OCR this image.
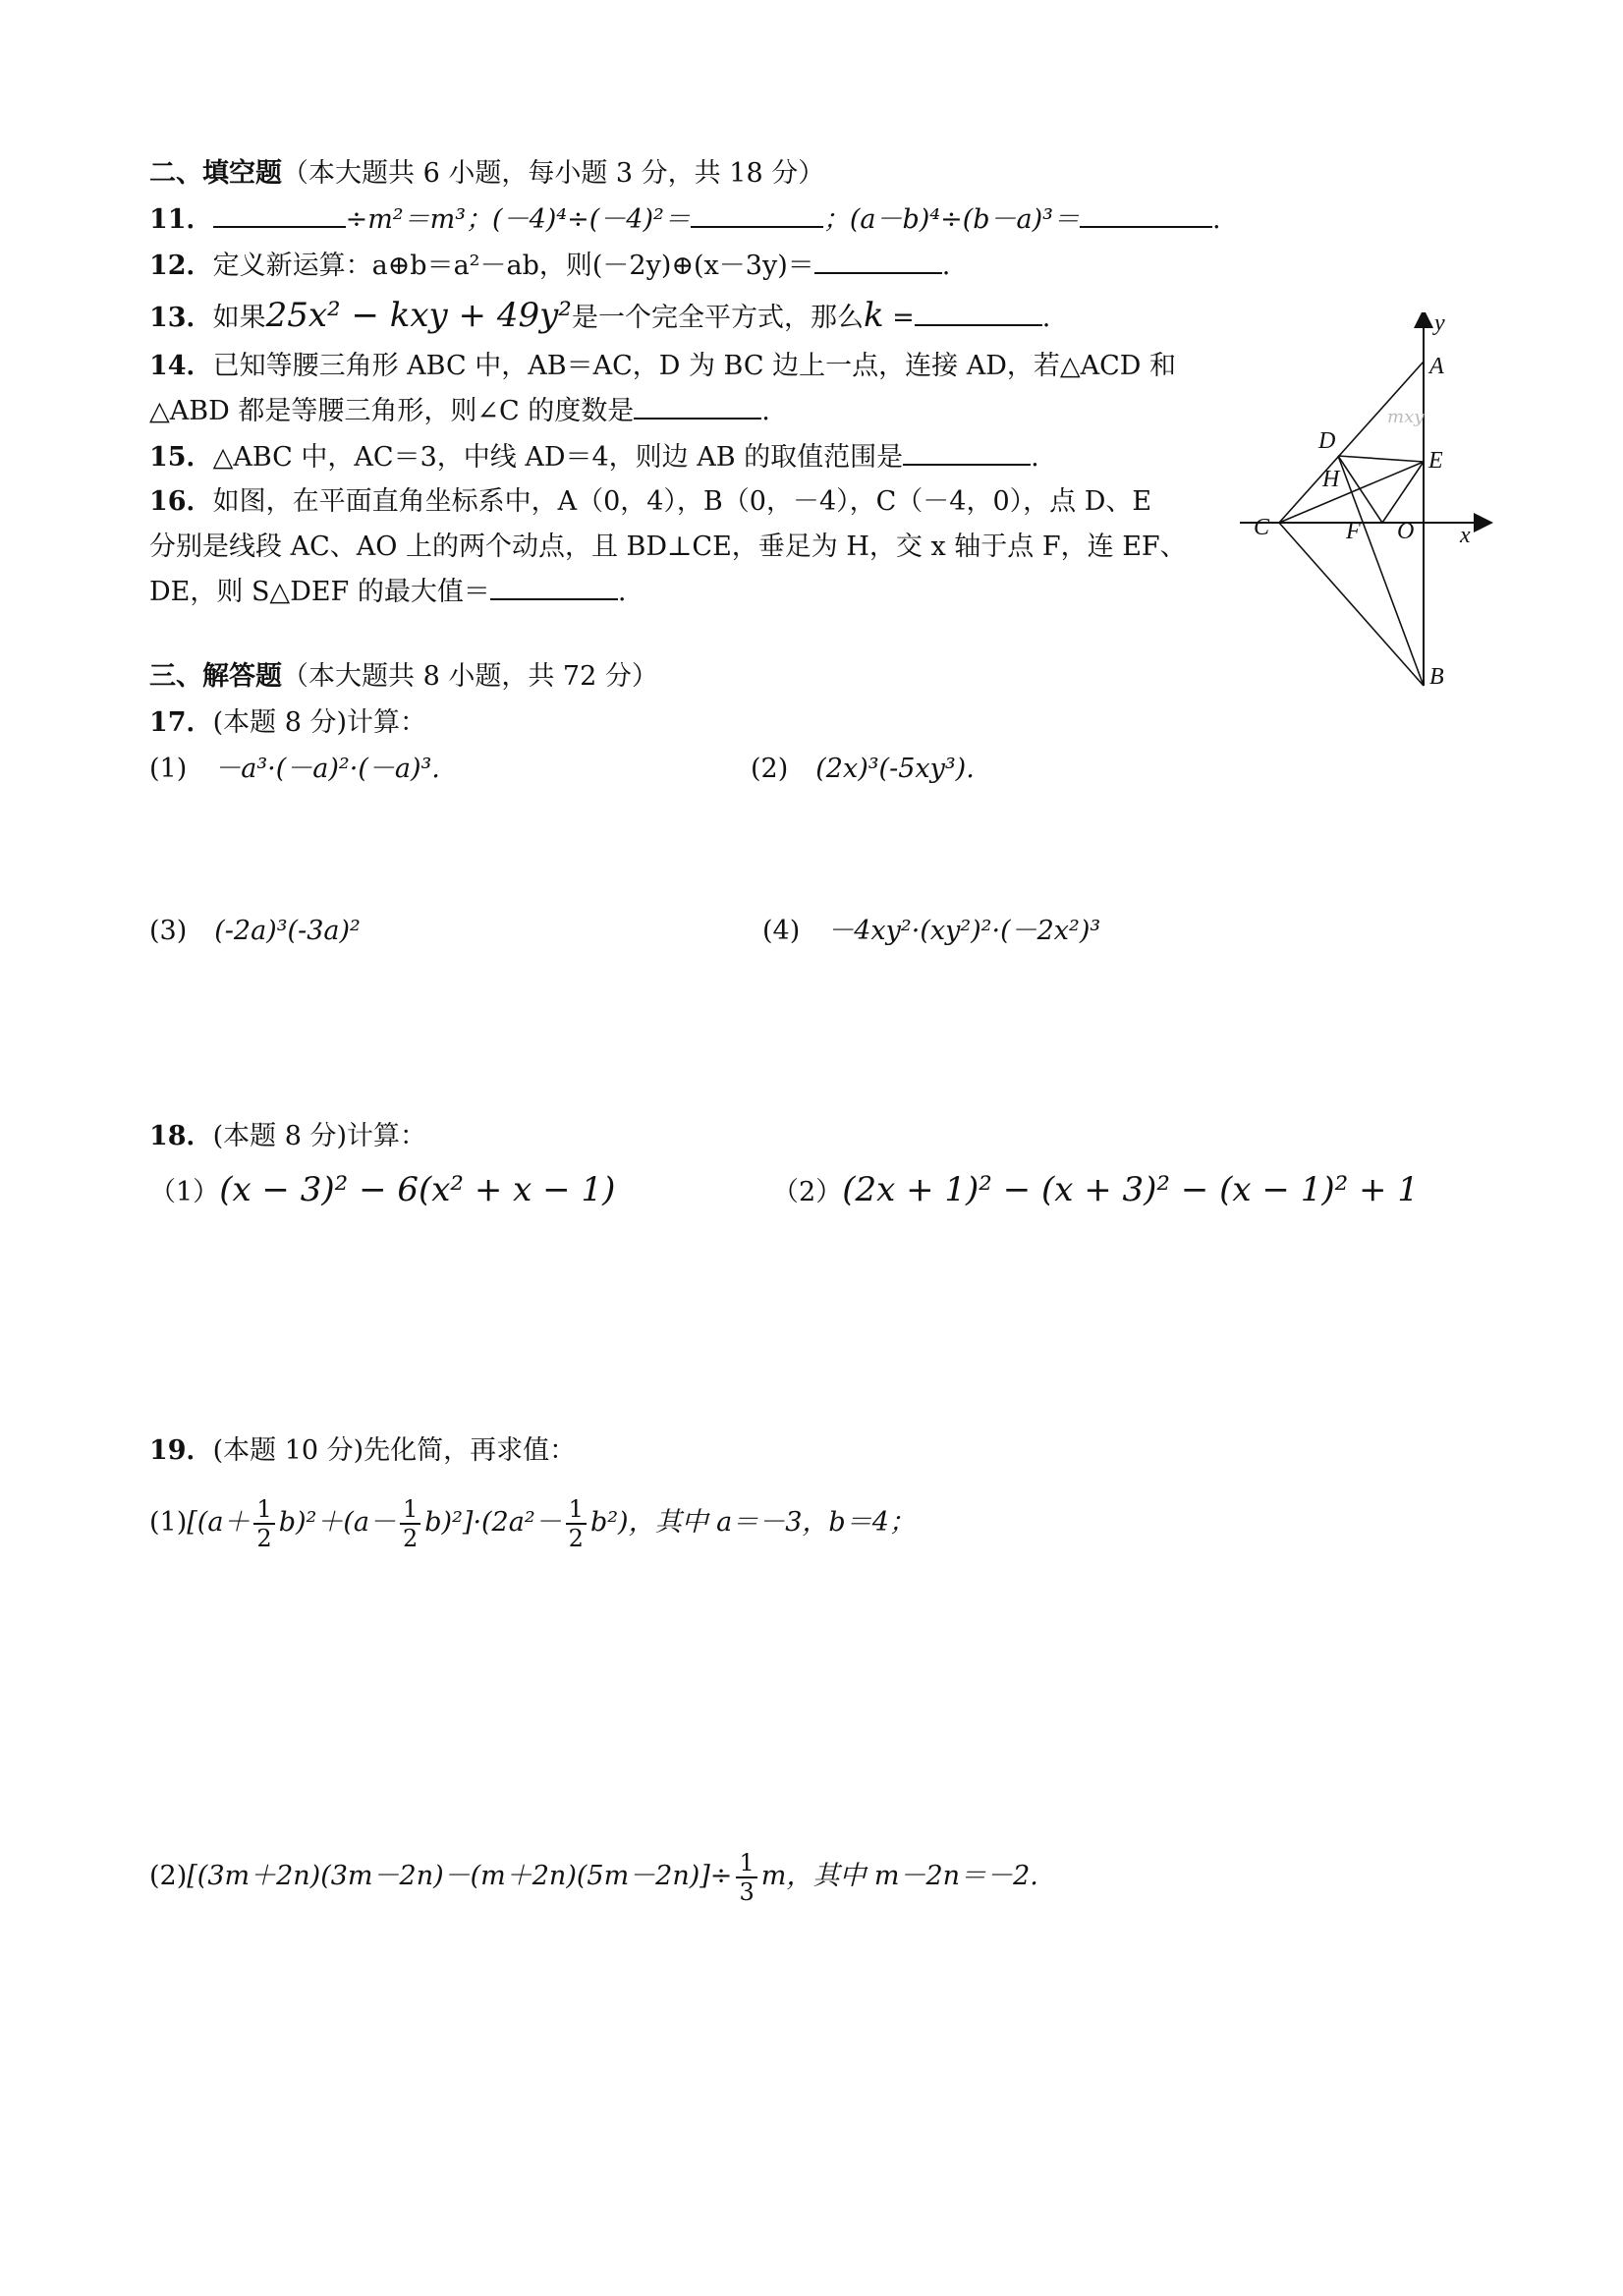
二、填空题（本大题共 6 小题，每小题 3 分，共 18 分）
11．	÷m²＝m³；(－4)⁴÷(－4)²＝	；(a－b)⁴÷(b－a)³＝	.
12．定义新运算：a⊕b＝a²－ab，则(－2y)⊕(x－3y)＝	.
13．如果25x² − kxy + 49y²是一个完全平方式，那么k =	.
14．已知等腰三角形 ABC 中，AB＝AC，D 为 BC 边上一点，连接 AD，若△ACD 和
△ABD 都是等腰三角形，则∠C 的度数是	.
15．△ABC 中，AC＝3，中线 AD＝4，则边 AB 的取值范围是	.
16．如图，在平面直角坐标系中，A（0，4），B（0，－4），C（－4，0），点 D、E
分别是线段 AC、AO 上的两个动点，且 BD⊥CE，垂足为 H，交 x 轴于点 F，连 EF、
DE，则 S△DEF 的最大值＝	.
mxy
A
B
C
D
E
F
H
O x
y
三、解答题（本大题共 8 小题，共 72 分）
17．(本题 8 分)计算：
(1) －a³·(－a)²·(－a)³.	(2) (2x)³(-5xy³).
(3) (-2a)³(-3a)²	(4) －4xy²·(xy²)²·(－2x²)³
18．(本题 8 分)计算：
（1）(x − 3)² − 6(x² + x − 1)	（2）(2x + 1)² − (x + 3)² − (x − 1)² + 1
19．(本题 10 分)先化简，再求值：
$(1)[(a+ \frac{1}{2} b)^2+(a- \frac{1}{2} b)^2]\cdot(2a^2- \frac{1}{2} b^2)$，其中 a＝－3，b＝4；
$(2)[(3m+2n)(3m-2n)-(m+2n)(5m-2n)]\div \frac{1}{3}$ m，其中 m－2n＝－2.
